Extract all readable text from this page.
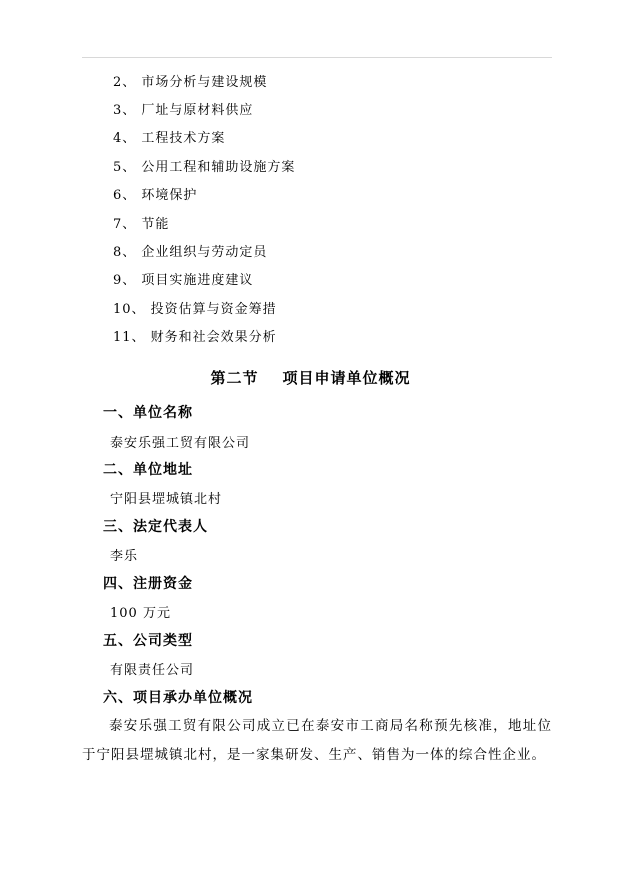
2、 市场分析与建设规模
3、 厂址与原材料供应
4、 工程技术方案
5、 公用工程和辅助设施方案
6、 环境保护
7、 节能
8、 企业组织与劳动定员
9、 项目实施进度建议
10、 投资估算与资金筹措
11、 财务和社会效果分析
第二节 项目申请单位概况
一、单位名称
泰安乐强工贸有限公司
二、单位地址
宁阳县堽城镇北村
三、法定代表人
李乐
四、注册资金
100 万元
五、公司类型
有限责任公司
六、项目承办单位概况
泰安乐强工贸有限公司成立已在泰安市工商局名称预先核准，地址位于宁阳县堽城镇北村，是一家集研发、生产、销售为一体的综合性企业。
